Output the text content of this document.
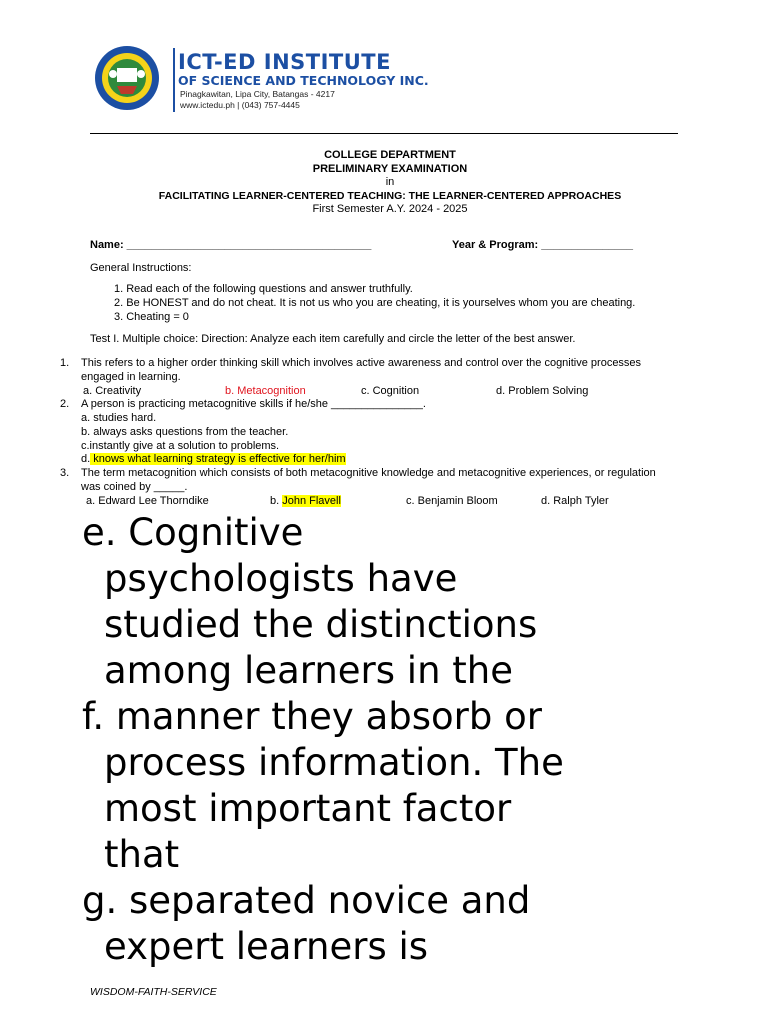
ICT-ED INSTITUTE
OF SCIENCE AND TECHNOLOGY INC.
Pinagkawitan, Lipa City, Batangas - 4217
www.ictedu.ph | (043) 757-4445
COLLEGE DEPARTMENT
PRELIMINARY EXAMINATION
in
FACILITATING LEARNER-CENTERED TEACHING: THE LEARNER-CENTERED APPROACHES
First Semester A.Y. 2024 - 2025
Name: ________________________________________	Year & Program: _______________
General Instructions:
1. Read each of the following questions and answer truthfully.
2. Be HONEST and do not cheat. It is not us who you are cheating, it is yourselves whom you are cheating.
3. Cheating = 0
Test I. Multiple choice: Direction: Analyze each item carefully and circle the letter of the best answer.
1. This refers to a higher order thinking skill which involves active awareness and control over the cognitive processes
engaged in learning.
a. Creativity	b. Metacognition	c. Cognition	d. Problem Solving
2. A person is practicing metacognitive skills if he/she _______________.
a. studies hard.
b. always asks questions from the teacher.
c.instantly give at a solution to problems.
d. knows what learning strategy is effective for her/him
3. The term metacognition which consists of both metacognitive knowledge and metacognitive experiences, or regulation
was coined by _____.
a. Edward Lee Thorndike	b. John Flavell	c. Benjamin Bloom	d. Ralph Tyler
e. Cognitive
psychologists have
studied the distinctions
among learners in the
f. manner they absorb or
process information. The
most important factor
that
g. separated novice and
expert learners is
WISDOM-FAITH-SERVICE
